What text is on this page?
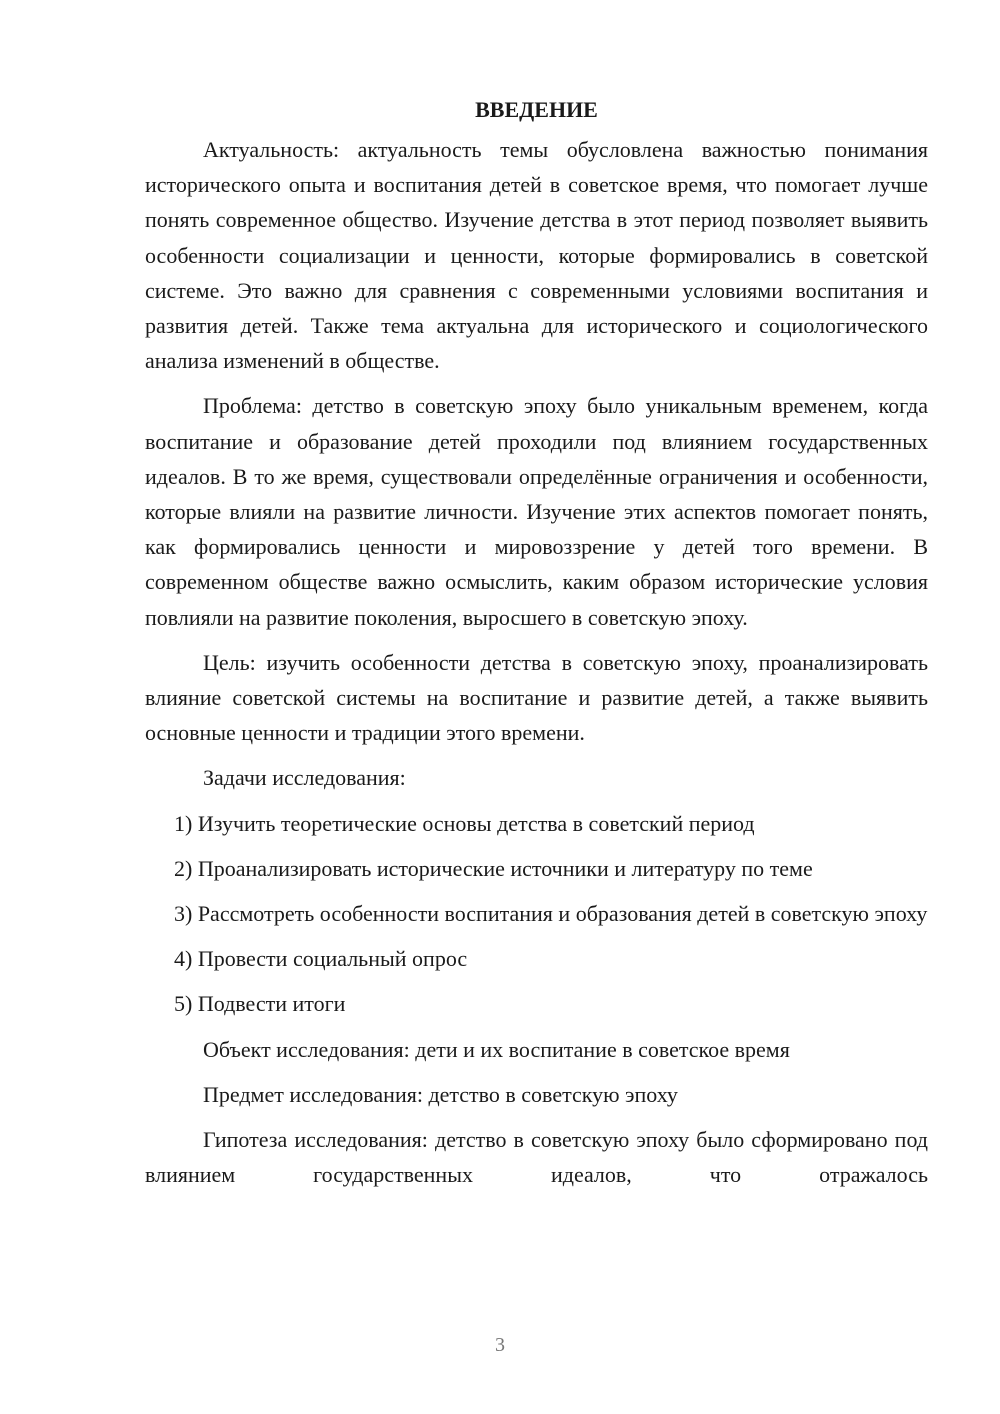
ВВЕДЕНИЕ

Актуальность: актуальность темы обусловлена важностью понимания исторического опыта и воспитания детей в советское время, что помогает лучше понять современное общество. Изучение детства в этот период позволяет выявить особенности социализации и ценности, которые формировались в советской системе. Это важно для сравнения с современными условиями воспитания и развития детей. Также тема актуальна для исторического и социологического анализа изменений в обществе.

Проблема: детство в советскую эпоху было уникальным временем, когда воспитание и образование детей проходили под влиянием государственных идеалов. В то же время, существовали определённые ограничения и особенности, которые влияли на развитие личности. Изучение этих аспектов помогает понять, как формировались ценности и мировоззрение у детей того времени. В современном обществе важно осмыслить, каким образом исторические условия повлияли на развитие поколения, выросшего в советскую эпоху.

Цель: изучить особенности детства в советскую эпоху, проанализировать влияние советской системы на воспитание и развитие детей, а также выявить основные ценности и традиции этого времени.

Задачи исследования:

1) Изучить теоретические основы детства в советский период

2) Проанализировать исторические источники и литературу по теме

3) Рассмотреть особенности воспитания и образования детей в советскую эпоху

4) Провести социальный опрос

5) Подвести итоги

Объект исследования: дети и их воспитание в советское время

Предмет исследования: детство в советскую эпоху

Гипотеза исследования: детство в советскую эпоху было сформировано под влиянием государственных идеалов, что отражалось

3
